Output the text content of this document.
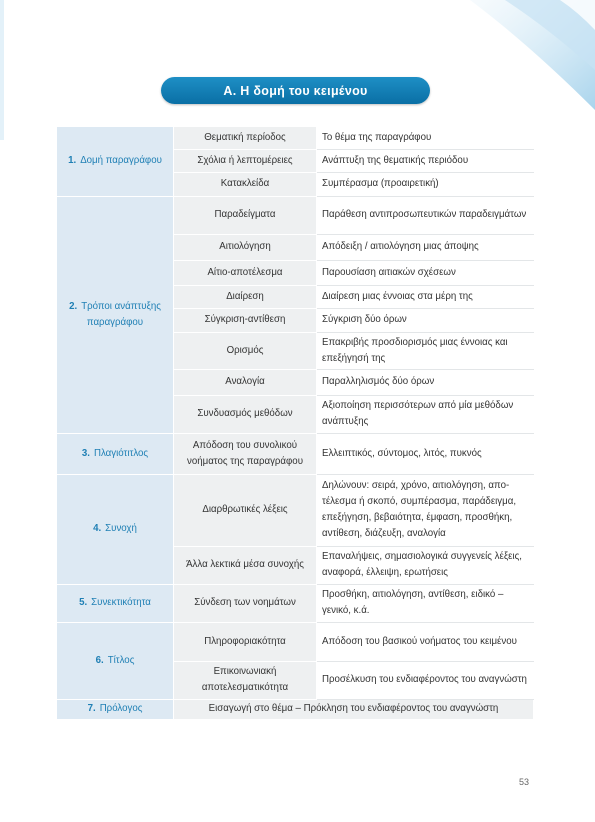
Α. Η δομή του κειμένου
1. Δομή παραγράφου	Θεματική περίοδος	Το θέμα της παραγράφου
	Σχόλια ή λεπτομέρειες	Ανάπτυξη της θεματικής περιόδου
	Κατακλείδα	Συμπέρασμα (προαιρετική)
2. Τρόποι ανάπτυξης παραγράφου	Παραδείγματα	Παράθεση αντιπροσωπευτικών παραδειγμάτων
	Αιτιολόγηση	Απόδειξη / αιτιολόγηση μιας άποψης
	Αίτιο-αποτέλεσμα	Παρουσίαση αιτιακών σχέσεων
	Διαίρεση	Διαίρεση μιας έννοιας στα μέρη της
	Σύγκριση-αντίθεση	Σύγκριση δύο όρων
	Ορισμός	Επακριβής προσδιορισμός μιας έννοιας και επεξήγησή της
	Αναλογία	Παραλληλισμός δύο όρων
	Συνδυασμός μεθόδων	Αξιοποίηση περισσότερων από μία μεθόδων ανάπτυξης
3. Πλαγιότιτλος	Απόδοση του συνολικού νοήματος της παραγράφου	Ελλειπτικός, σύντομος, λιτός, πυκνός
4. Συνοχή	Διαρθρωτικές λέξεις	Δηλώνουν: σειρά, χρόνο, αιτιολόγηση, αποτέλεσμα ή σκοπό, συμπέρασμα, παράδειγμα, επεξήγηση, βεβαιότητα, έμφαση, προσθήκη, αντίθεση, διάζευξη, αναλογία
	Άλλα λεκτικά μέσα συνοχής	Επαναλήψεις, σημασιολογικά συγγενείς λέξεις, αναφορά, έλλειψη, ερωτήσεις
5. Συνεκτικότητα	Σύνδεση των νοημάτων	Προσθήκη, αιτιολόγηση, αντίθεση, ειδικό – γενικό, κ.ά.
6. Τίτλος	Πληροφοριακότητα	Απόδοση του βασικού νοήματος του κειμένου
	Επικοινωνιακή αποτελεσματικότητα	Προσέλκυση του ενδιαφέροντος του αναγνώστη
7. Πρόλογος	Εισαγωγή στο θέμα – Πρόκληση του ενδιαφέροντος του αναγνώστη	
53
